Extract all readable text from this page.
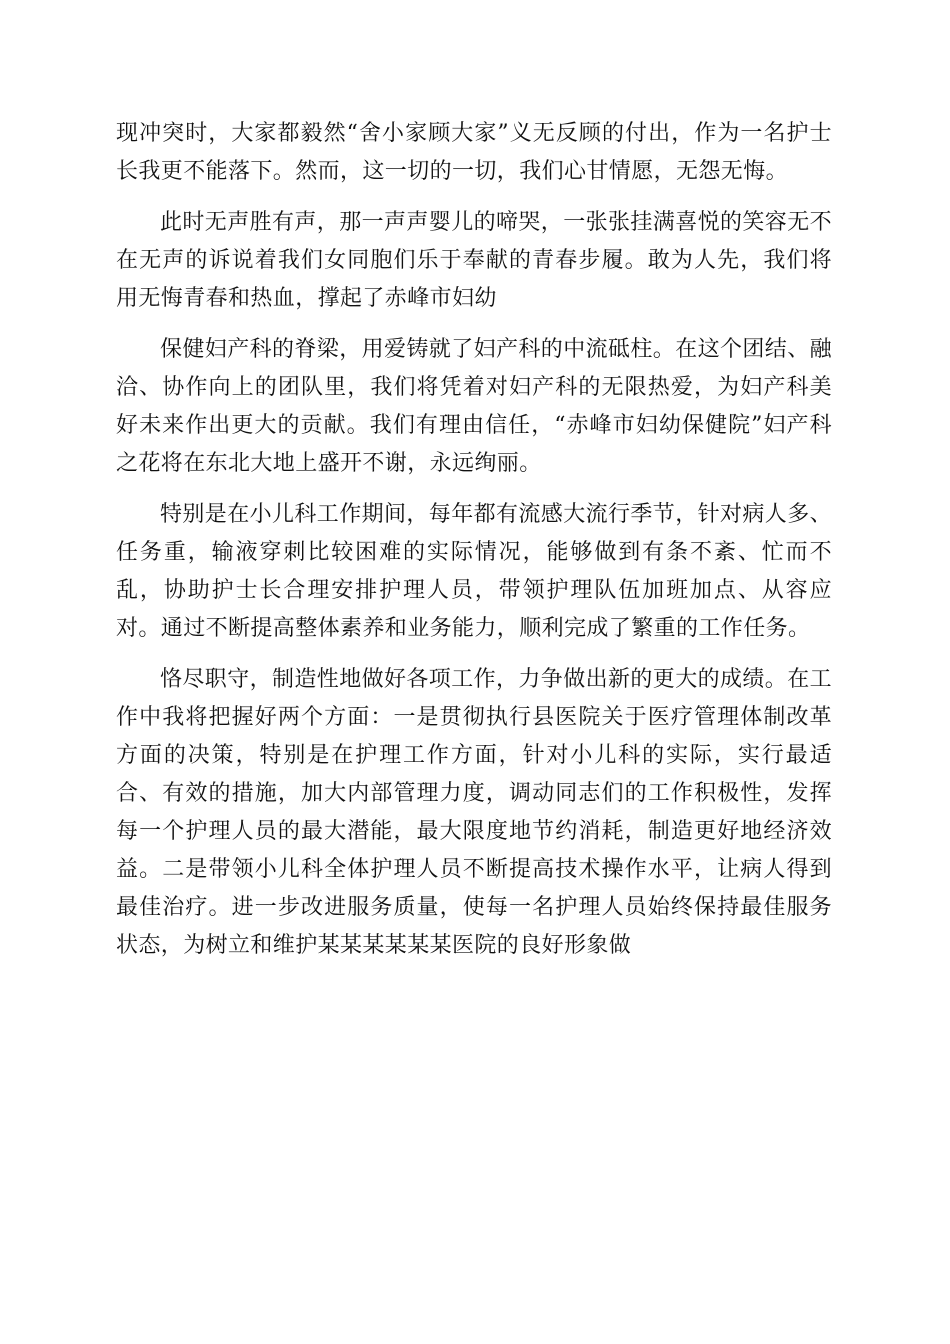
现冲突时，大家都毅然“舍小家顾大家”义无反顾的付出，作为一名护士长我更不能落下。然而，这一切的一切，我们心甘情愿，无怨无悔。

此时无声胜有声，那一声声婴儿的啼哭，一张张挂满喜悦的笑容无不在无声的诉说着我们女同胞们乐于奉献的青春步履。敢为人先，我们将用无悔青春和热血，撑起了赤峰市妇幼

保健妇产科的脊梁，用爱铸就了妇产科的中流砥柱。在这个团结、融洽、协作向上的团队里，我们将凭着对妇产科的无限热爱，为妇产科美好未来作出更大的贡献。我们有理由信任，“赤峰市妇幼保健院”妇产科之花将在东北大地上盛开不谢，永远绚丽。

特别是在小儿科工作期间，每年都有流感大流行季节，针对病人多、任务重，输液穿刺比较困难的实际情况，能够做到有条不紊、忙而不乱，协助护士长合理安排护理人员，带领护理队伍加班加点、从容应对。通过不断提高整体素养和业务能力，顺利完成了繁重的工作任务。

恪尽职守，制造性地做好各项工作，力争做出新的更大的成绩。在工作中我将把握好两个方面：一是贯彻执行县医院关于医疗管理体制改革方面的决策，特别是在护理工作方面，针对小儿科的实际，实行最适合、有效的措施，加大内部管理力度，调动同志们的工作积极性，发挥每一个护理人员的最大潜能，最大限度地节约消耗，制造更好地经济效益。二是带领小儿科全体护理人员不断提高技术操作水平，让病人得到最佳治疗。进一步改进服务质量，使每一名护理人员始终保持最佳服务状态，为树立和维护某某某某某某医院的良好形象做
